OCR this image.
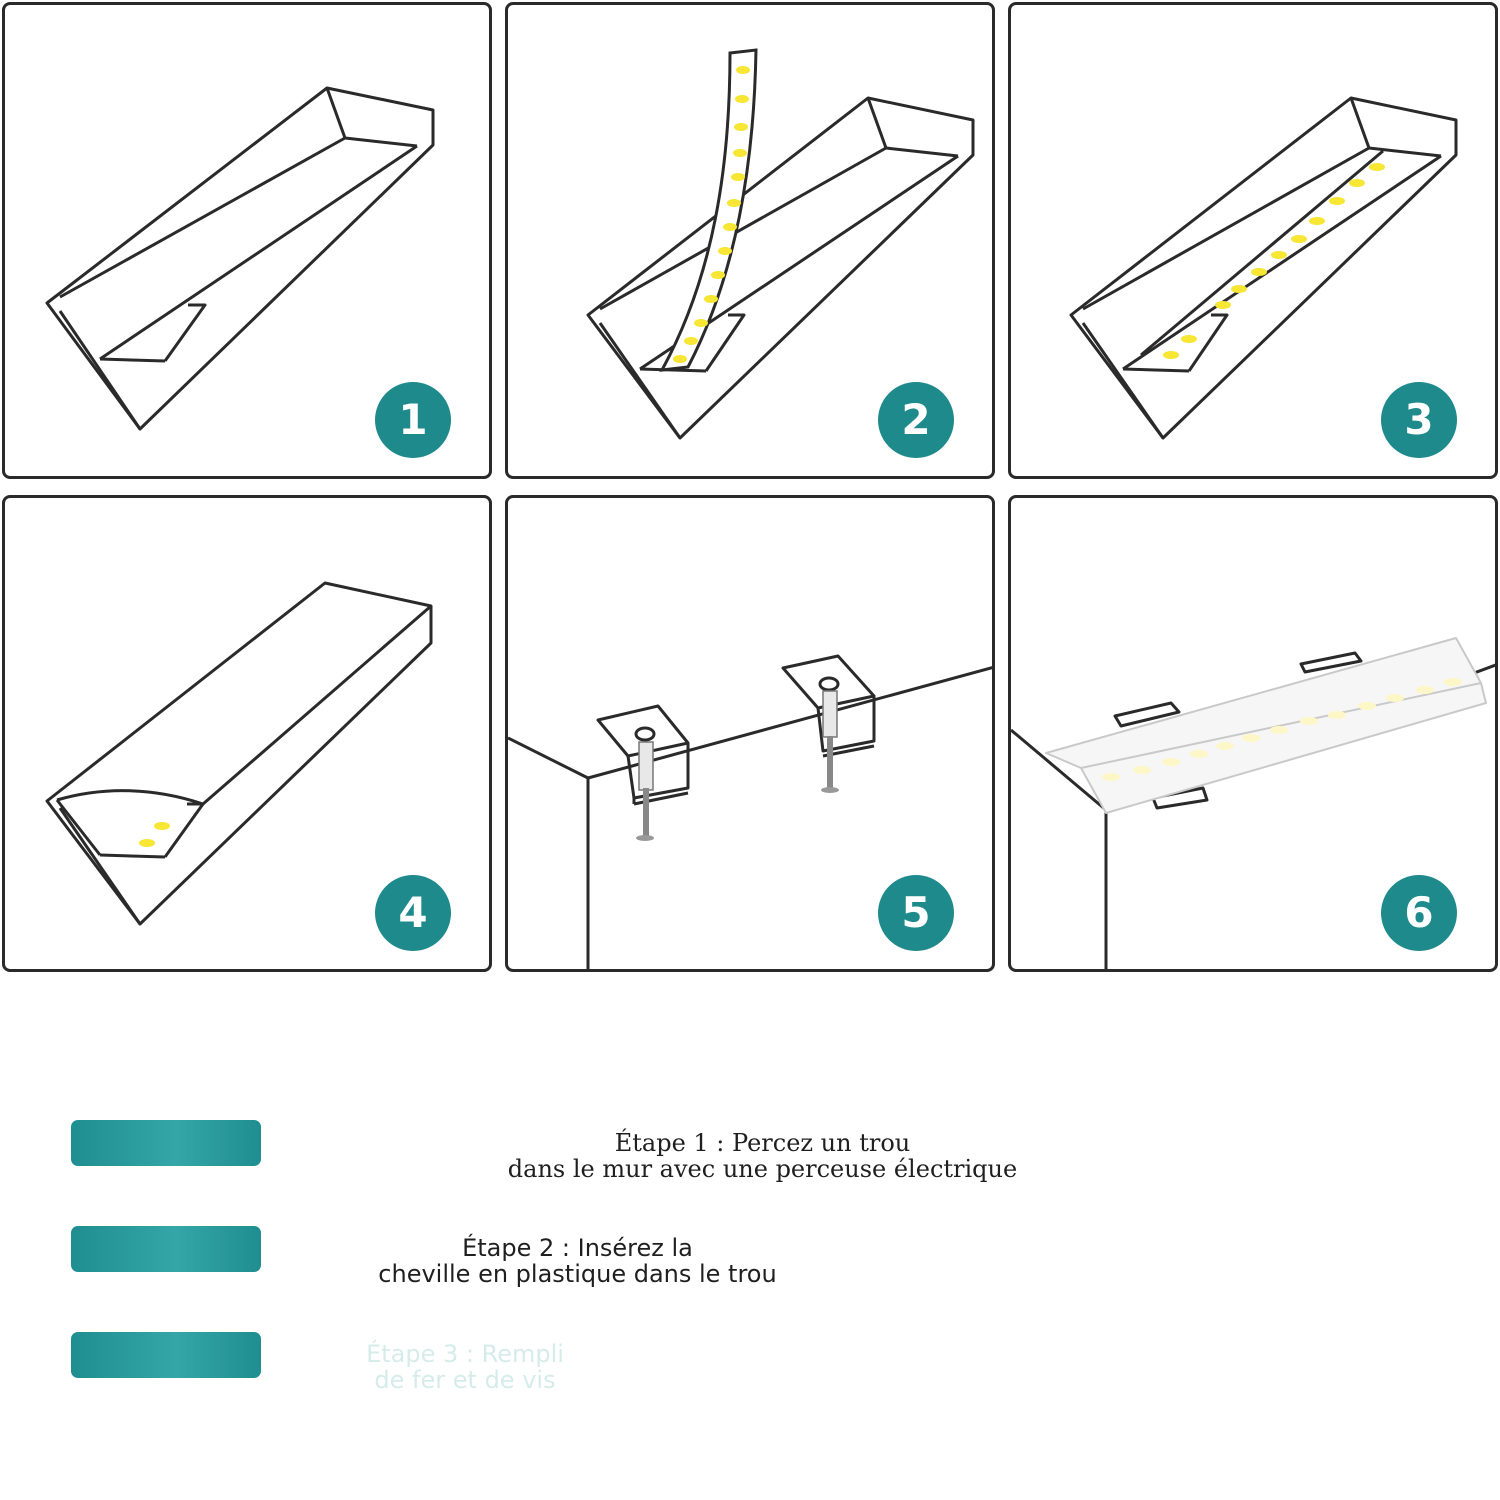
1	2	3
4	5	6
Étape 1 : Percez un trou
dans le mur avec une perceuse électrique
Étape 2 : Insérez la
cheville en plastique dans le trou
Étape 3 : Rempli
de fer et de vis
